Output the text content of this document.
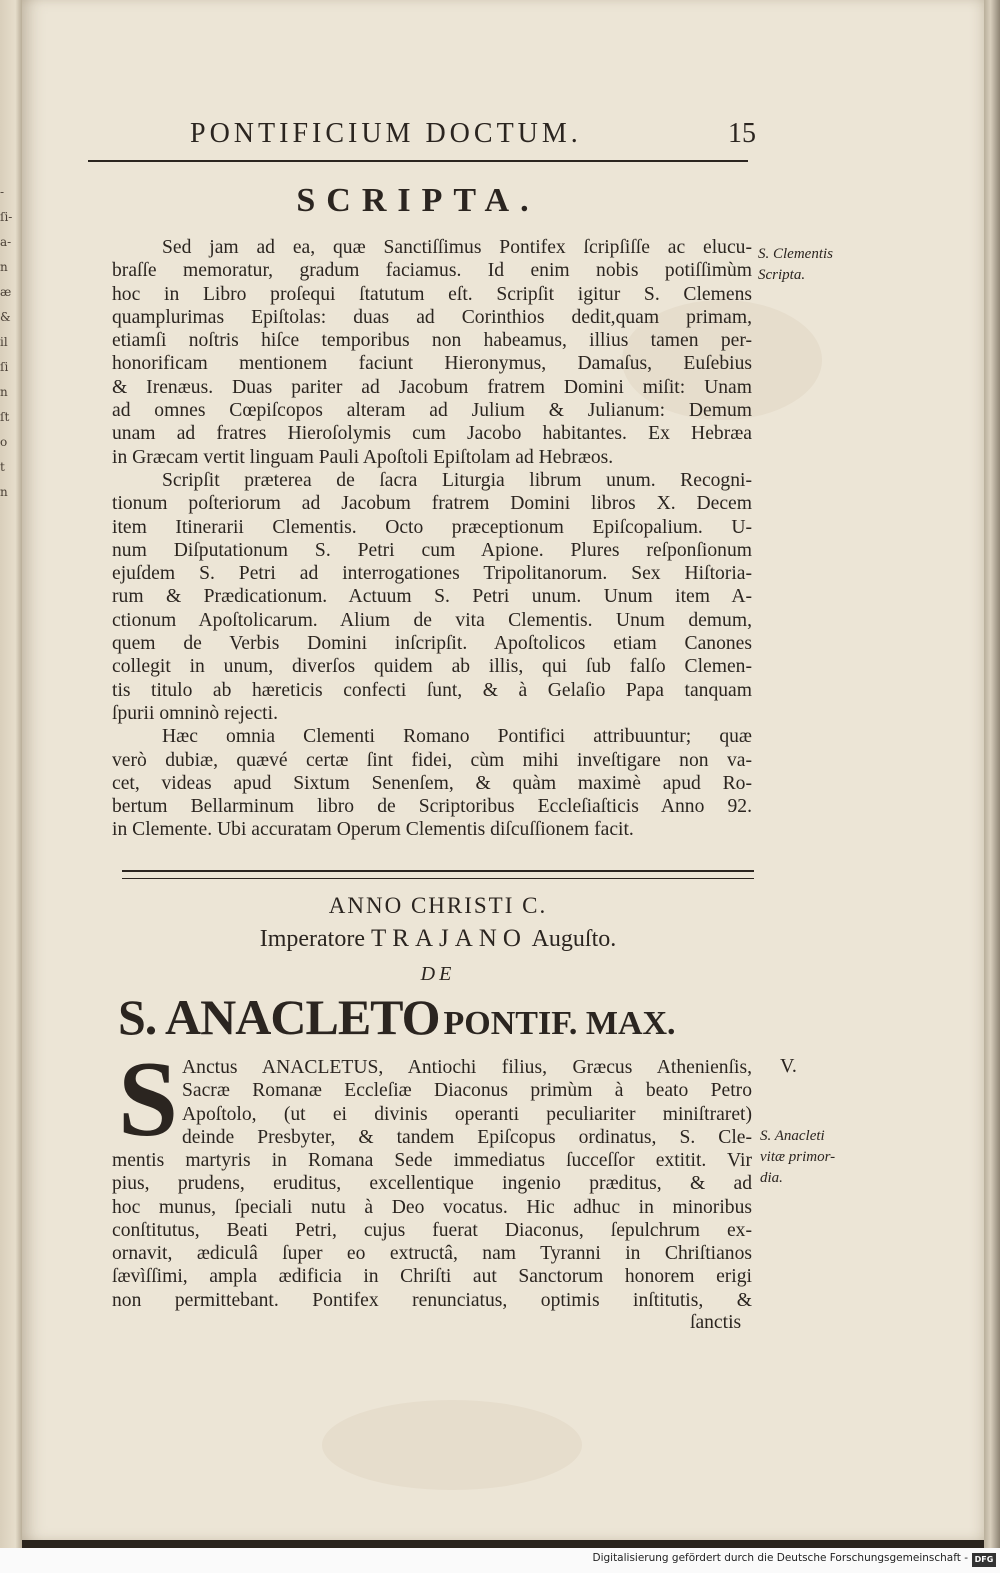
-
ſi-
a-
n
æ
&
il
ſi
n
ſt
o
t
n
PONTIFICIUM DOCTUM.	15
SCRIPTA.
Sed jam ad ea, quæ Sanctiſſimus Pontifex ſcripſiſſe ac elucu-
braſſe memoratur, gradum faciamus. Id enim nobis potiſſimùm
hoc in Libro proſequi ſtatutum eſt. Scripſit igitur S. Clemens
quamplurimas Epiſtolas: duas ad Corinthios dedit,quam primam,
etiamſi noſtris hiſce temporibus non habeamus, illius tamen per-
honorificam mentionem faciunt Hieronymus, Damaſus, Euſebius
& Irenæus. Duas pariter ad Jacobum fratrem Domini miſit: Unam
ad omnes Cœpiſcopos alteram ad Julium & Julianum: Demum
unam ad fratres Hieroſolymis cum Jacobo habitantes. Ex Hebræa
in Græcam vertit linguam Pauli Apoſtoli Epiſtolam ad Hebræos.
Scripſit præterea de ſacra Liturgia librum unum. Recogni-
tionum poſteriorum ad Jacobum fratrem Domini libros X. Decem
item Itinerarii Clementis. Octo præceptionum Epiſcopalium. U-
num Diſputationum S. Petri cum Apione. Plures reſponſionum
ejuſdem S. Petri ad interrogationes Tripolitanorum. Sex Hiſtoria-
rum & Prædicationum. Actuum S. Petri unum. Unum item A-
ctionum Apoſtolicarum. Alium de vita Clementis. Unum demum,
quem de Verbis Domini inſcripſit. Apoſtolicos etiam Canones
collegit in unum, diverſos quidem ab illis, qui ſub falſo Clemen-
tis titulo ab hæreticis confecti ſunt, & à Gelaſio Papa tanquam
ſpurii omninò rejecti.
Hæc omnia Clementi Romano Pontifici attribuuntur; quæ
verò dubiæ, quævé certæ ſint fidei, cùm mihi inveſtigare non va-
cet, videas apud Sixtum Senenſem, & quàm maximè apud Ro-
bertum Bellarminum libro de Scriptoribus Eccleſiaſticis Anno 92.
in Clemente. Ubi accuratam Operum Clementis diſcuſſionem facit.
S. Clementis
Scripta.
ANNO CHRISTI C.
Imperatore TRAJANO Auguſto.
DE
S. ANACLETO PONTIF. MAX.
V.
S Anctus ANACLETUS, Antiochi filius, Græcus Athenienſis,
Sacræ Romanæ Eccleſiæ Diaconus primùm à beato Petro
Apoſtolo, (ut ei divinis operanti peculiariter miniſtraret)
deinde Presbyter, & tandem Epiſcopus ordinatus, S. Cle-
mentis martyris in Romana Sede immediatus ſucceſſor extitit. Vir
pius, prudens, eruditus, excellentique ingenio præditus, & ad
hoc munus, ſpeciali nutu à Deo vocatus. Hic adhuc in minoribus
conſtitutus, Beati Petri, cujus fuerat Diaconus, ſepulchrum ex-
ornavit, ædiculâ ſuper eo extructâ, nam Tyranni in Chriſtianos
ſævìſſimi, ampla ædificia in Chriſti aut Sanctorum honorem erigi
non permittebant. Pontifex renunciatus, optimis inſtitutis, &
S. Anacleti
vitæ primor-
dia.
ſanctis
Digitalisierung gefördert durch die Deutsche Forschungsgemeinschaft - DFG
